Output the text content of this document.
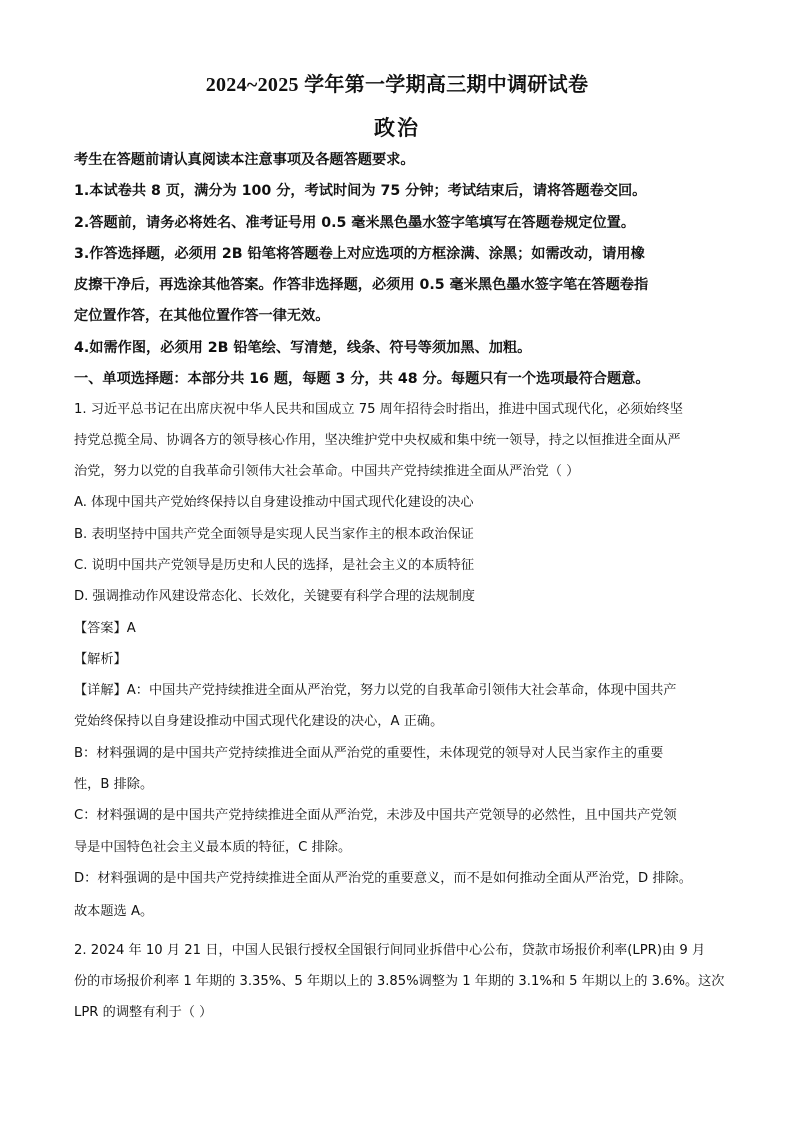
2024~2025 学年第一学期高三期中调研试卷
政治
考生在答题前请认真阅读本注意事项及各题答题要求。
1.本试卷共 8 页，满分为 100 分，考试时间为 75 分钟；考试结束后，请将答题卷交回。
2.答题前，请务必将姓名、准考证号用 0.5 毫米黑色墨水签字笔填写在答题卷规定位置。
3.作答选择题，必须用 2B 铅笔将答题卷上对应选项的方框涂满、涂黑；如需改动，请用橡
皮擦干净后，再选涂其他答案。作答非选择题，必须用 0.5 毫米黑色墨水签字笔在答题卷指
定位置作答，在其他位置作答一律无效。
4.如需作图，必须用 2B 铅笔绘、写清楚，线条、符号等须加黑、加粗。
一、单项选择题：本部分共 16 题，每题 3 分，共 48 分。每题只有一个选项最符合题意。
1. 习近平总书记在出席庆祝中华人民共和国成立 75 周年招待会时指出，推进中国式现代化，必须始终坚
持党总揽全局、协调各方的领导核心作用，坚决维护党中央权威和集中统一领导，持之以恒推进全面从严
治党，努力以党的自我革命引领伟大社会革命。中国共产党持续推进全面从严治党（ ）
A. 体现中国共产党始终保持以自身建设推动中国式现代化建设的决心
B. 表明坚持中国共产党全面领导是实现人民当家作主的根本政治保证
C. 说明中国共产党领导是历史和人民的选择，是社会主义的本质特征
D. 强调推动作风建设常态化、长效化，关键要有科学合理的法规制度
【答案】A
【解析】
【详解】A：中国共产党持续推进全面从严治党，努力以党的自我革命引领伟大社会革命，体现中国共产
党始终保持以自身建设推动中国式现代化建设的决心，A 正确。
B：材料强调的是中国共产党持续推进全面从严治党的重要性，未体现党的领导对人民当家作主的重要
性，B 排除。
C：材料强调的是中国共产党持续推进全面从严治党，未涉及中国共产党领导的必然性，且中国共产党领
导是中国特色社会主义最本质的特征，C 排除。
D：材料强调的是中国共产党持续推进全面从严治党的重要意义，而不是如何推动全面从严治党，D 排除。
故本题选 A。
2. 2024 年 10 月 21 日，中国人民银行授权全国银行间同业拆借中心公布，贷款市场报价利率(LPR)由 9 月
份的市场报价利率 1 年期的 3.35%、5 年期以上的 3.85%调整为 1 年期的 3.1%和 5 年期以上的 3.6%。这次
LPR 的调整有利于（ ）
